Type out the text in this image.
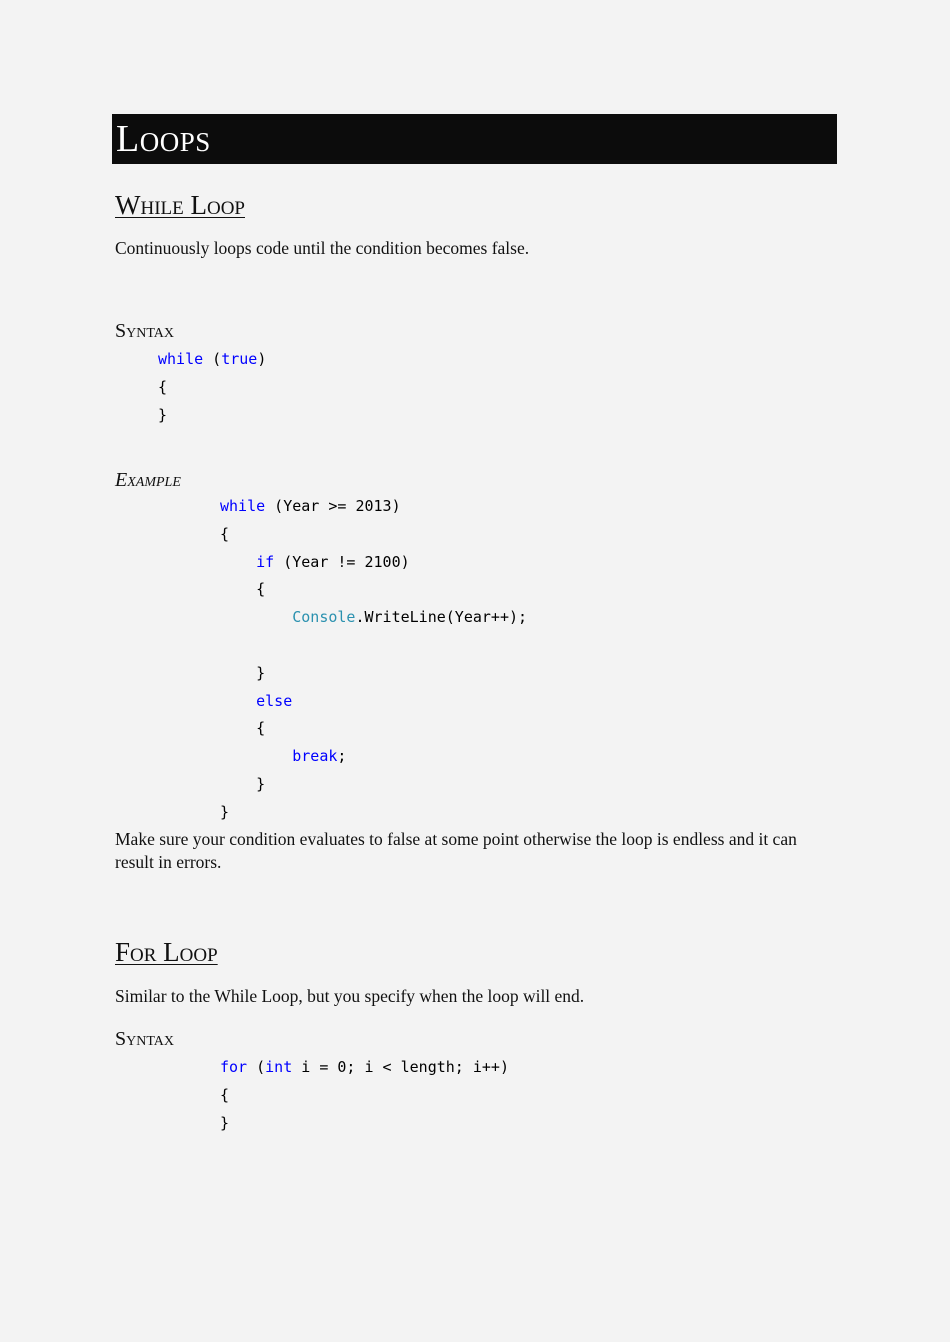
Loops
While Loop
Continuously loops code until the condition becomes false.
Syntax
while (true)
{
}
Example
while (Year >= 2013)
{
if (Year != 2100)
{
Console.WriteLine(Year++);

}
else
{
break;
}
}
Make sure your condition evaluates to false at some point otherwise the loop is endless and it can result in errors.
For Loop
Similar to the While Loop, but you specify when the loop will end.
Syntax
for (int i = 0; i < length; i++)
{
}
